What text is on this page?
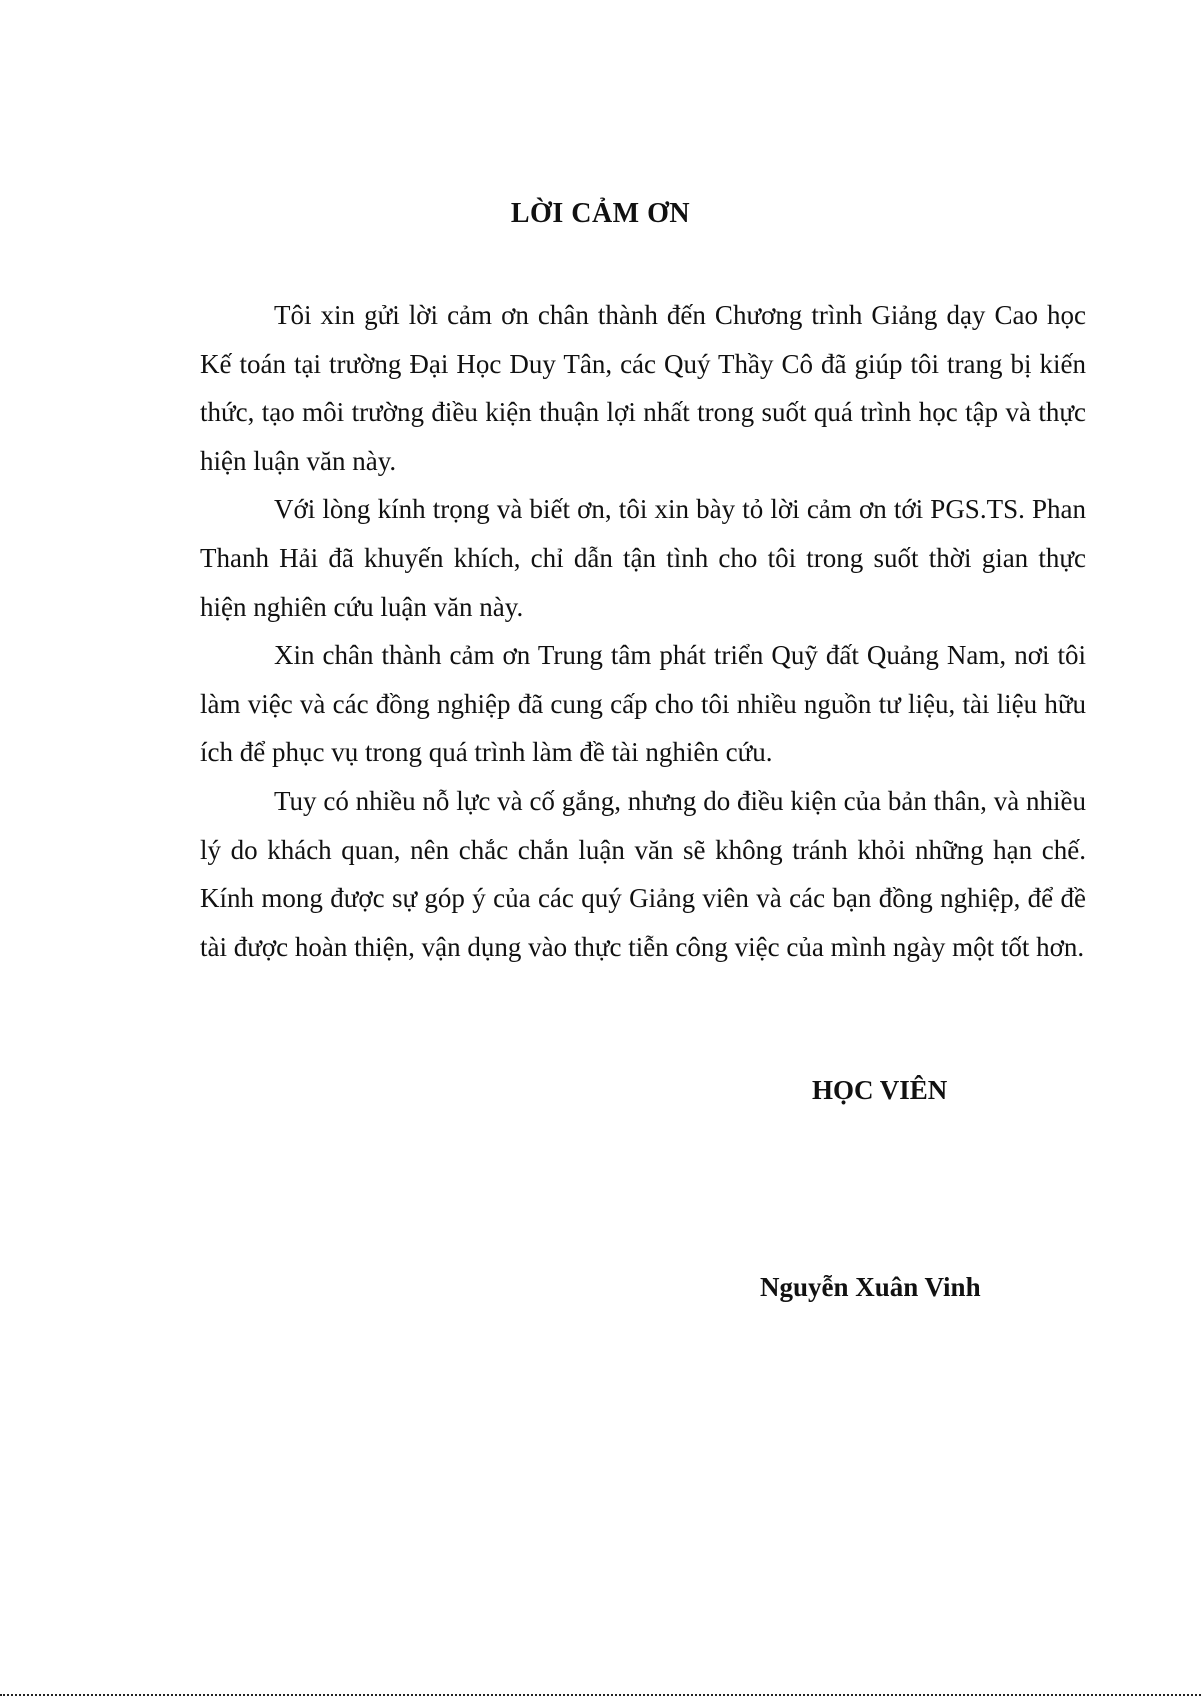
LỜI CẢM ƠN

Tôi xin gửi lời cảm ơn chân thành đến Chương trình Giảng dạy Cao học Kế toán tại trường Đại Học Duy Tân, các Quý Thầy Cô đã giúp tôi trang bị kiến thức, tạo môi trường điều kiện thuận lợi nhất trong suốt quá trình học tập và thực hiện luận văn này.

Với lòng kính trọng và biết ơn, tôi xin bày tỏ lời cảm ơn tới PGS.TS. Phan Thanh Hải đã khuyến khích, chỉ dẫn tận tình cho tôi trong suốt thời gian thực hiện nghiên cứu luận văn này.

Xin chân thành cảm ơn Trung tâm phát triển Quỹ đất Quảng Nam, nơi tôi làm việc và các đồng nghiệp đã cung cấp cho tôi nhiều nguồn tư liệu, tài liệu hữu ích để phục vụ trong quá trình làm đề tài nghiên cứu.

Tuy có nhiều nỗ lực và cố gắng, nhưng do điều kiện của bản thân, và nhiều lý do khách quan, nên chắc chắn luận văn sẽ không tránh khỏi những hạn chế. Kính mong được sự góp ý của các quý Giảng viên và các bạn đồng nghiệp, để đề tài được hoàn thiện, vận dụng vào thực tiễn công việc của mình ngày một tốt hơn.

HỌC VIÊN

Nguyễn Xuân Vinh
